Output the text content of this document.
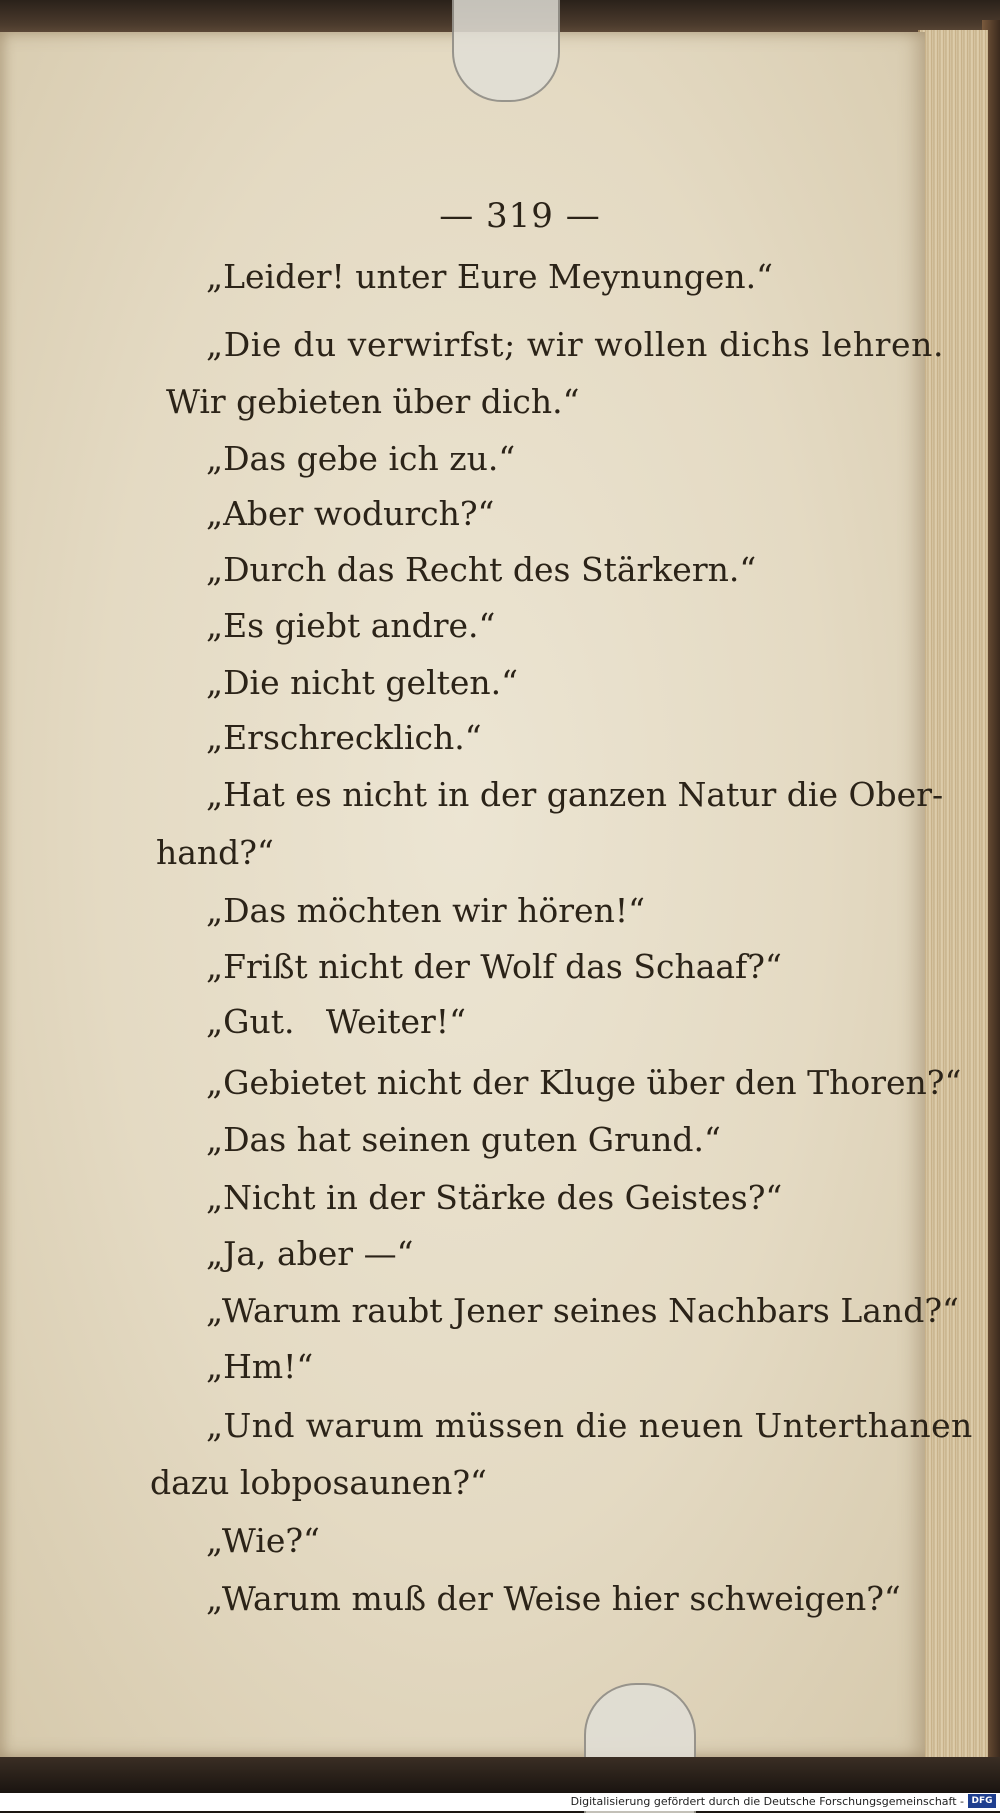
— 319 —
„Leider! unter Eure Meynungen.“
„Die du verwirfst; wir wollen dichs lehren.
Wir gebieten über dich.“
„Das gebe ich zu.“
„Aber wodurch?“
„Durch das Recht des Stärkern.“
„Es giebt andre.“
„Die nicht gelten.“
„Erschrecklich.“
„Hat es nicht in der ganzen Natur die Ober-
hand?“
„Das möchten wir hören!“
„Frißt nicht der Wolf das Schaaf?“
„Gut.   Weiter!“
„Gebietet nicht der Kluge über den Thoren?“
„Das hat seinen guten Grund.“
„Nicht in der Stärke des Geistes?“
„Ja, aber —“
„Warum raubt Jener seines Nachbars Land?“
„Hm!“
„Und warum müssen die neuen Unterthanen
dazu lobposaunen?“
„Wie?“
„Warum muß der Weise hier schweigen?“
Digitalisierung gefördert durch die Deutsche Forschungsgemeinschaft - DFG
